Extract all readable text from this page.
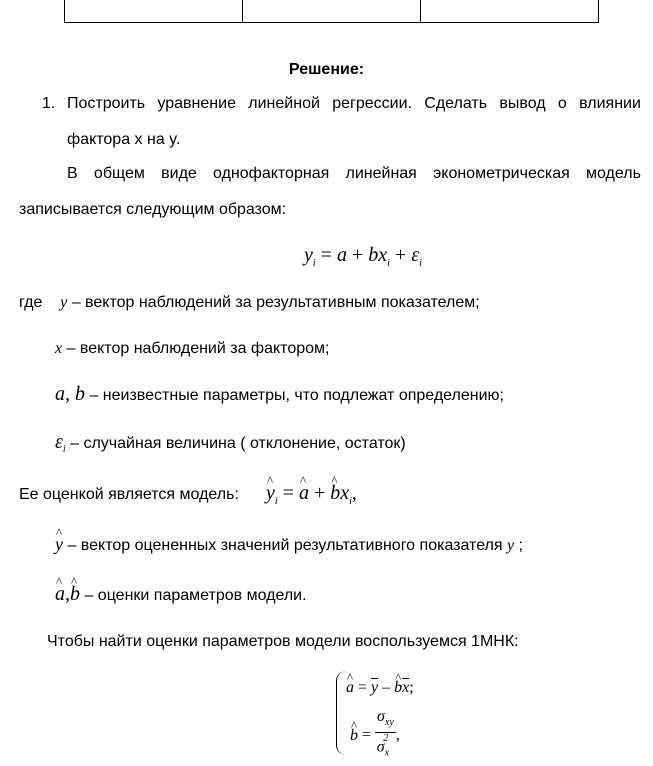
Решение:
1. Построить уравнение линейной регрессии. Сделать вывод о влиянии
фактора x на y.
В общем виде однофакторная линейная эконометрическая модель
записывается следующим образом:
$y_i = a + bx_i + \varepsilon_i$
где y – вектор наблюдений за результативным показателем;
x – вектор наблюдений за фактором;
a, b – неизвестные параметры, что подлежат определению;
$\varepsilon_i$ – случайная величина ( отклонение, остаток)
Ее оценкой является модель: ^ $y_i$ = ^ a + ^ $bx_i$,
^ y – вектор оцененных значений результативного показателя y ;
^ a,^ b – оценки параметров модели.
Чтобы найти оценки параметров модели воспользуемся 1МНК:
^ $a = \overline{y}$ – ^ $b\overline{x}$;
^ $b = \frac{\sigma_{xy}}{\sigma_x^2}$ ,
